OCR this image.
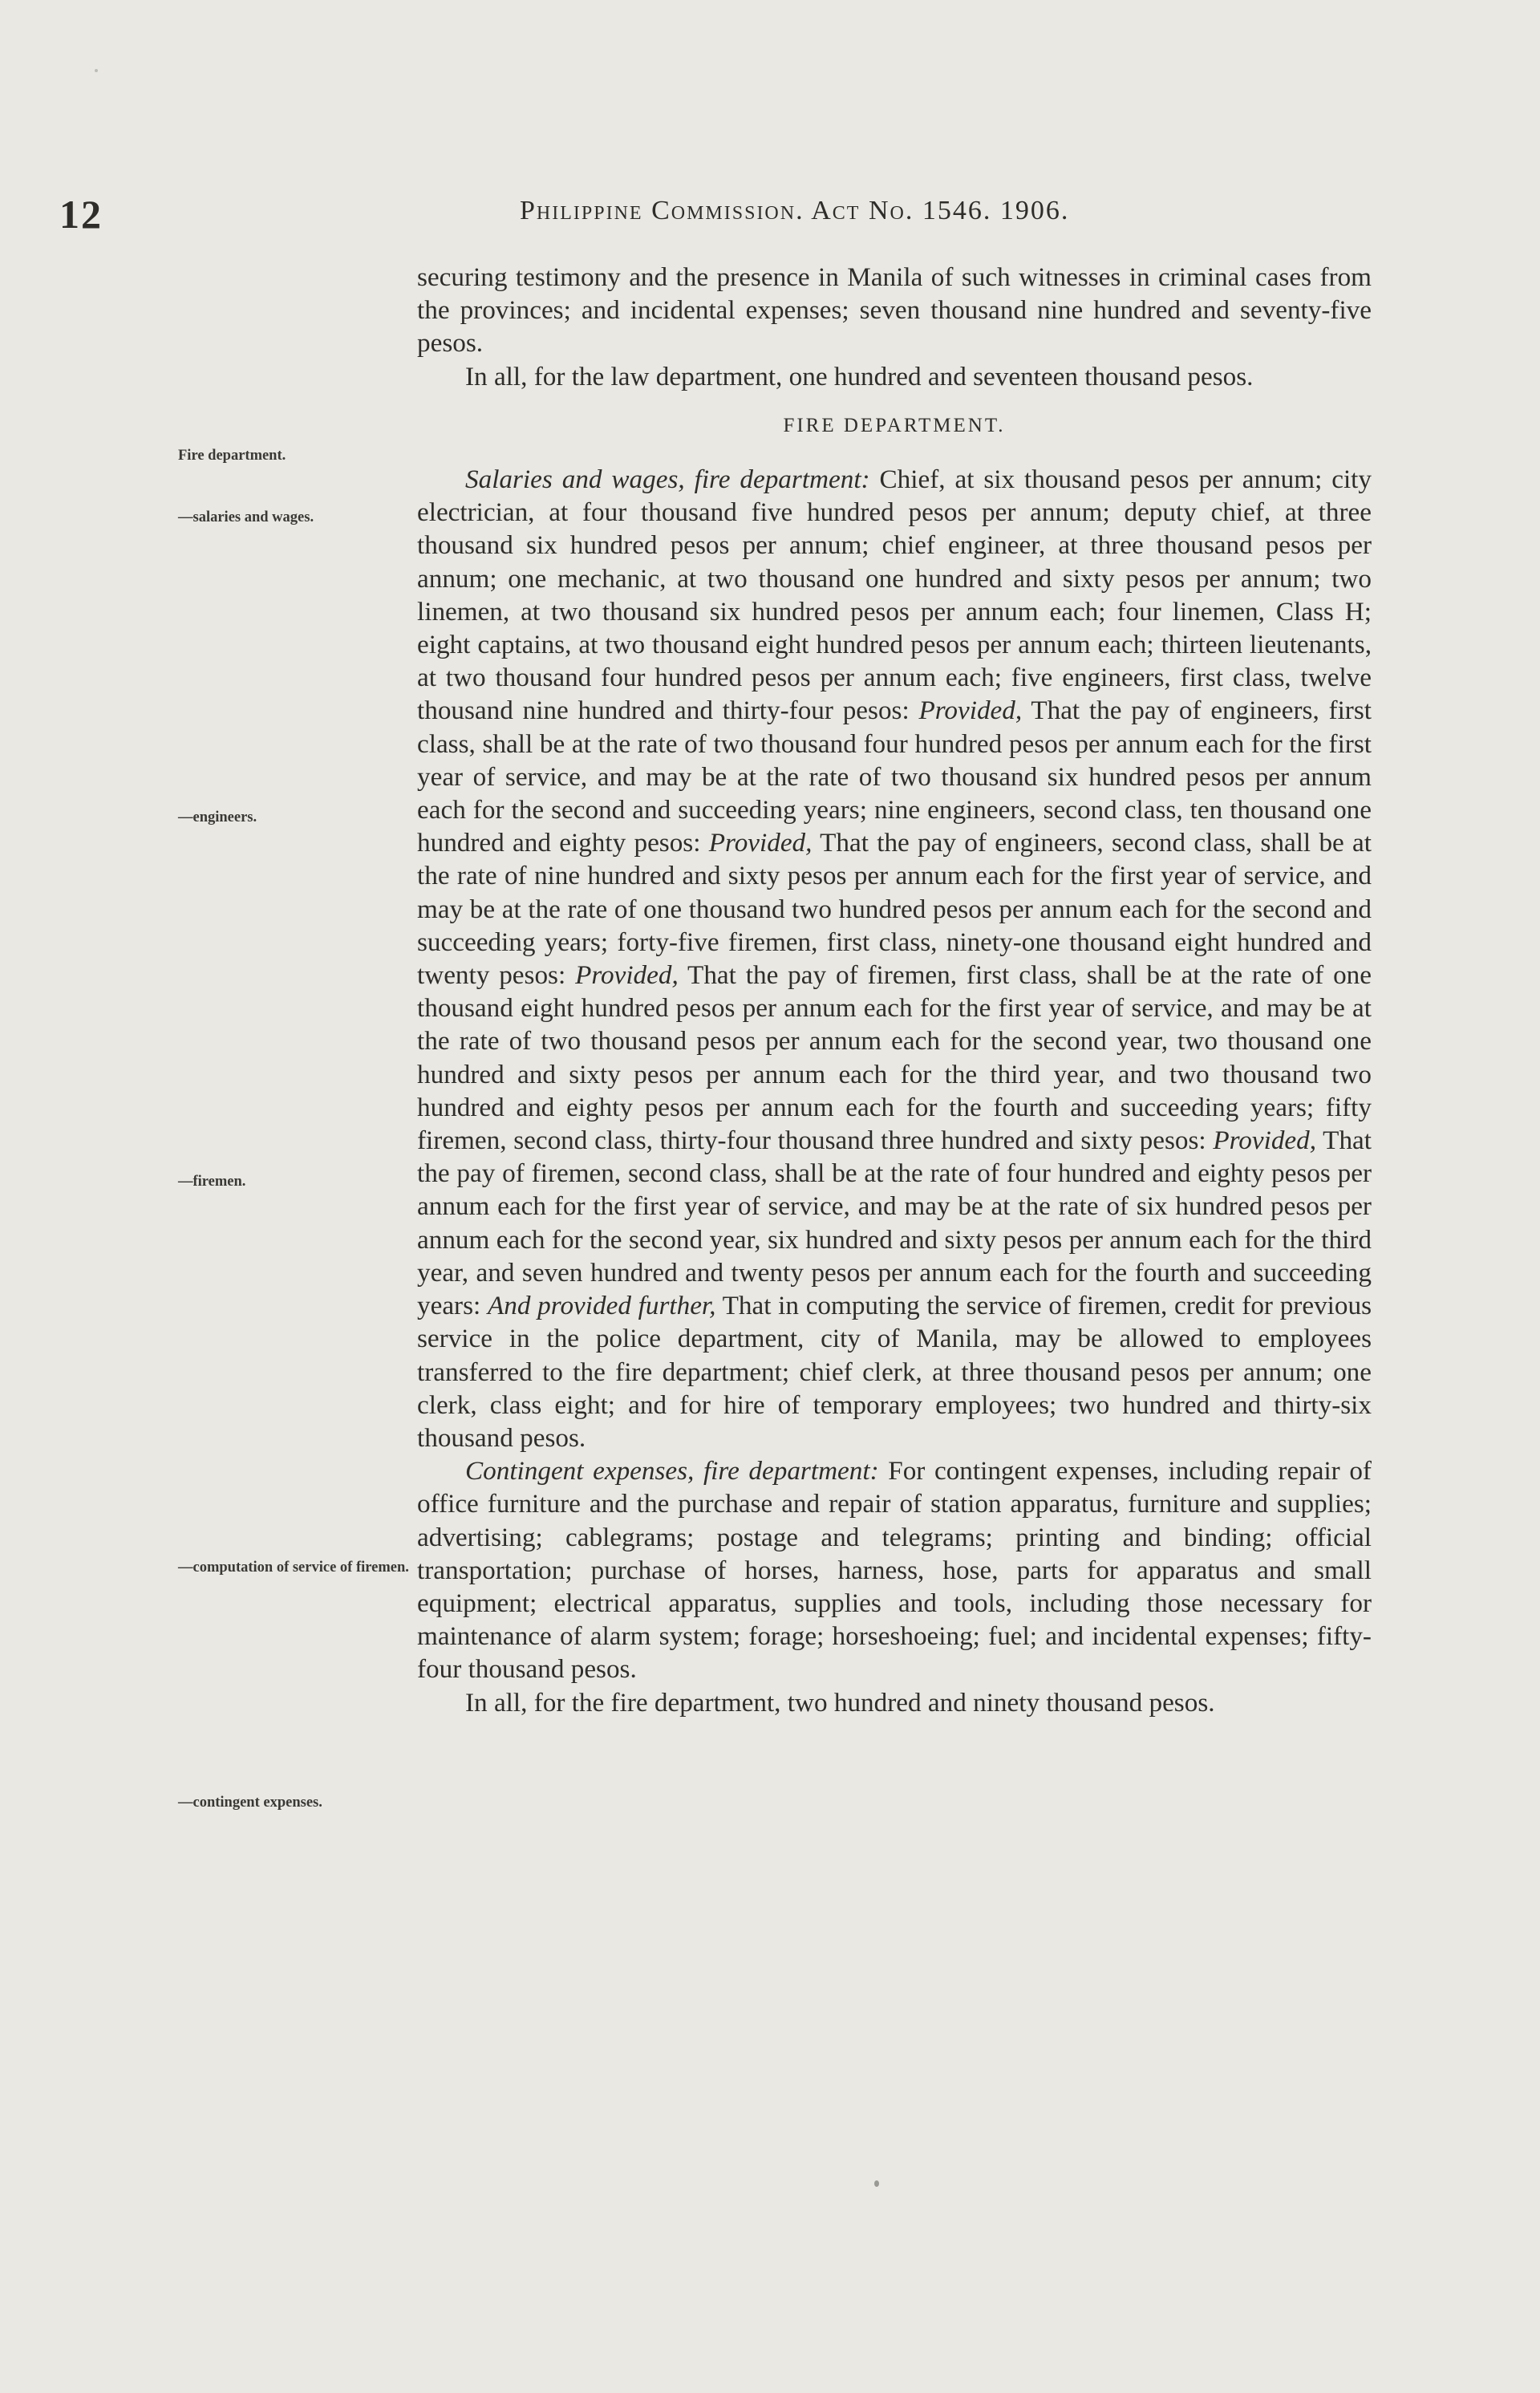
12	Philippine Commission. Act No. 1546. 1906.
Fire department.
—salaries and wages.
—engineers.
—firemen.
—computation of service of firemen.
—contingent expenses.

securing testimony and the presence in Manila of such witnesses in criminal cases from the provinces; and incidental expenses; seven thousand nine hundred and seventy-five pesos.

In all, for the law department, one hundred and seventeen thousand pesos.

FIRE DEPARTMENT.

Salaries and wages, fire department: Chief, at six thousand pesos per annum; city electrician, at four thousand five hundred pesos per annum; deputy chief, at three thousand six hundred pesos per annum; chief engineer, at three thousand pesos per annum; one mechanic, at two thousand one hundred and sixty pesos per annum; two linemen, at two thousand six hundred pesos per annum each; four linemen, Class H; eight captains, at two thousand eight hundred pesos per annum each; thirteen lieutenants, at two thousand four hundred pesos per annum each; five engineers, first class, twelve thousand nine hundred and thirty-four pesos: Provided, That the pay of engineers, first class, shall be at the rate of two thousand four hundred pesos per annum each for the first year of service, and may be at the rate of two thousand six hundred pesos per annum each for the second and succeeding years; nine engineers, second class, ten thousand one hundred and eighty pesos: Provided, That the pay of engineers, second class, shall be at the rate of nine hundred and sixty pesos per annum each for the first year of service, and may be at the rate of one thousand two hundred pesos per annum each for the second and succeeding years; forty-five firemen, first class, ninety-one thousand eight hundred and twenty pesos: Provided, That the pay of firemen, first class, shall be at the rate of one thousand eight hundred pesos per annum each for the first year of service, and may be at the rate of two thousand pesos per annum each for the second year, two thousand one hundred and sixty pesos per annum each for the third year, and two thousand two hundred and eighty pesos per annum each for the fourth and succeeding years; fifty firemen, second class, thirty-four thousand three hundred and sixty pesos: Provided, That the pay of firemen, second class, shall be at the rate of four hundred and eighty pesos per annum each for the first year of service, and may be at the rate of six hundred pesos per annum each for the second year, six hundred and sixty pesos per annum each for the third year, and seven hundred and twenty pesos per annum each for the fourth and succeeding years: And provided further, That in computing the service of firemen, credit for previous service in the police department, city of Manila, may be allowed to employees transferred to the fire department; chief clerk, at three thousand pesos per annum; one clerk, class eight; and for hire of temporary employees; two hundred and thirty-six thousand pesos.

Contingent expenses, fire department: For contingent expenses, including repair of office furniture and the purchase and repair of station apparatus, furniture and supplies; advertising; cablegrams; postage and telegrams; printing and binding; official transportation; purchase of horses, harness, hose, parts for apparatus and small equipment; electrical apparatus, supplies and tools, including those necessary for maintenance of alarm system; forage; horseshoeing; fuel; and incidental expenses; fifty-four thousand pesos.

In all, for the fire department, two hundred and ninety thousand pesos.
